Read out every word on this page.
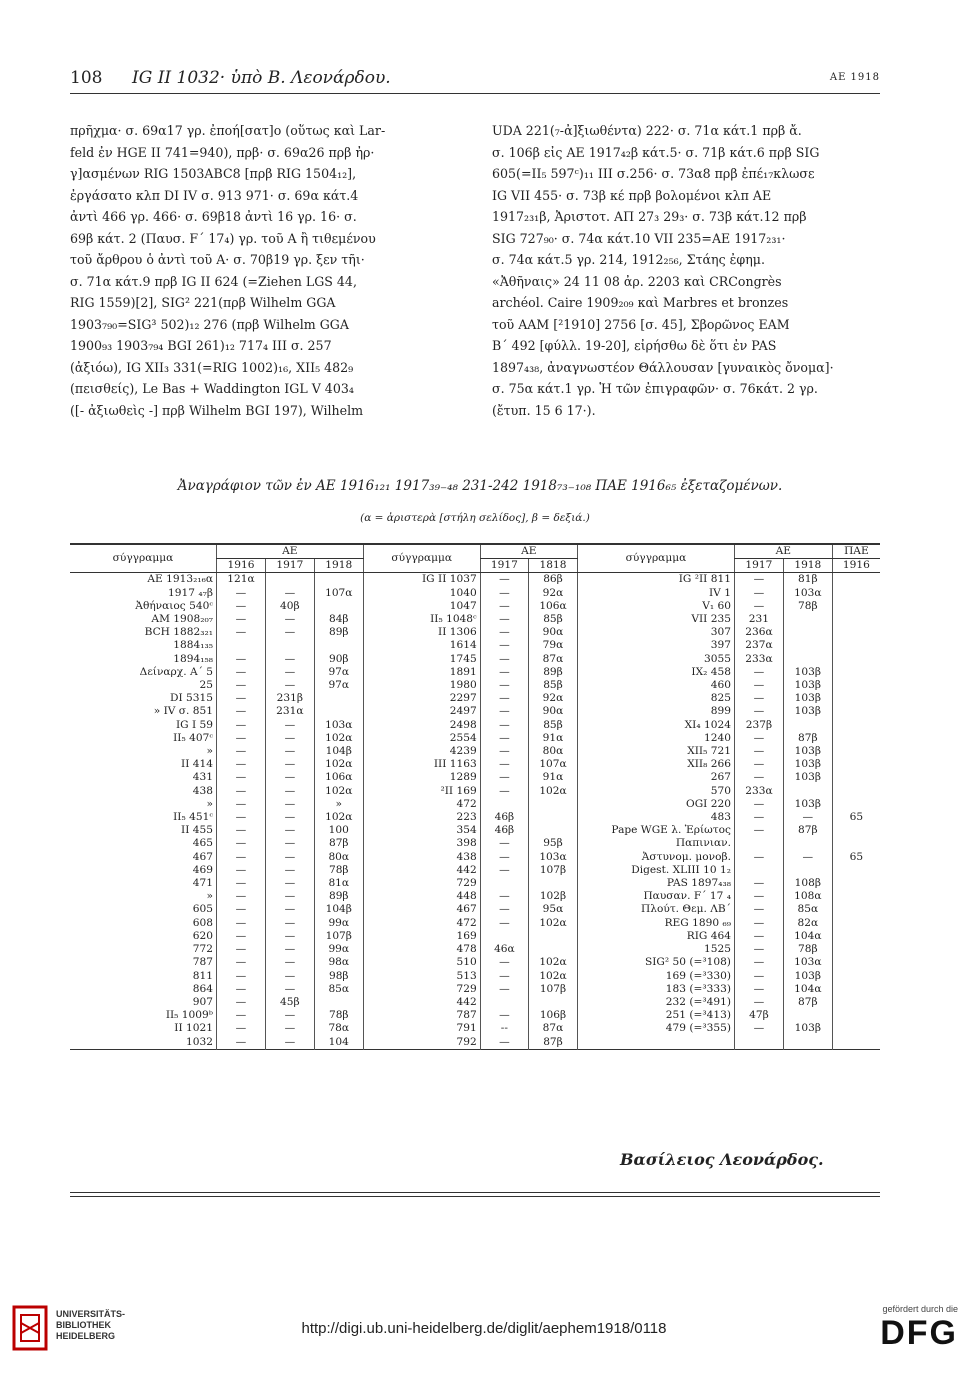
108 IG II 1032· ὑπὸ Β. Λεονάρδου.	ΑΕ 1918
πρῆχμα· σ. 69α17 γρ. ἐποή[σατ]ο (οὕτως καὶ Lar-
feld ἐν HGE II 741=940), πρβ· σ. 69α26 πρβ ἠρ·
γ]ασμένων RIG 1503ABC8 [πρβ RIG 1504₁₂],
ἐργάσατο κλπ DI IV σ. 913 971· σ. 69α κάτ.4
ἀντὶ 466 γρ. 466· σ. 69β18 ἀντὶ 16 γρ. 16· σ.
69β κάτ. 2 (Παυσ. F΄ 17₄) γρ. τοῦ Α ἢ τιθεμένου
τοῦ ἄρθρου ὁ ἀντὶ τοῦ Α· σ. 70β19 γρ. ξεν τῆι·
σ. 71α κάτ.9 πρβ IG II 624 (=Ziehen LGS 44,
RIG 1559)[2], SIG² 221(πρβ Wilhelm GGA
1903₇₉₀=SIG³ 502)₁₂ 276 (πρβ Wilhelm GGA
1900₉₃ 1903₇₉₄ BGI 261)₁₂ 717₄ III σ. 257
(ἀξιόω), IG XII₃ 331(=RIG 1002)₁₆, XII₅ 482₉
(πεισθείς), Le Bas + Waddington IGL V 403₄
([- ἀξιωθεὶς -] πρβ Wilhelm BGI 197), Wilhelm
UDA 221(₇-ἀ]ξιωθέντα) 222· σ. 71α κάτ.1 πρβ ἄ.
σ. 106β εἰς ΑΕ 1917₄₂β κάτ.5· σ. 71β κάτ.6 πρβ SIG
605(=II₅ 597ᶜ)₁₁ III σ.256· σ. 73α8 πρβ ἐπέ₁₇κλωσε
IG VII 455· σ. 73β κέ πρβ βολομένοι κλπ ΑΕ
1917₂₃₁β, Ἀριστοτ. ΑΠ 27₃ 29₃· σ. 73β κάτ.12 πρβ
SIG 727₉₀· σ. 74α κάτ.10 VII 235=ΑΕ 1917₂₃₁·
σ. 74α κάτ.5 γρ. 214, 1912₂₅₆, Στάης ἐφημ.
«Ἀθῆναις» 24 11 08 ἀρ. 2203 καὶ CRCongrès
archéol. Caire 1909₂₀₉ καὶ Marbres et bronzes
τοῦ ΑΑΜ [²1910] 2756 [σ. 45], Σβορῶνος ΕΑΜ
Β΄ 492 [φύλλ. 19-20], εἰρήσθω δὲ ὅτι ἐν PAS
1897₄₃₈, ἀναγνωστέον Θάλλουσαν [γυναικὸς ὄνομα]·
σ. 75α κάτ.1 γρ. Ἡ τῶν ἐπιγραφῶν· σ. 76κάτ. 2 γρ.
(ἔτυπ. 15 6 17·).
Ἀναγράφιον τῶν ἐν ΑΕ 1916₁₂₁ 1917₃₉₋₄₈ 231-242 1918₇₃₋₁₀₈ ΠΑΕ 1916₆₅ ἐξεταζομένων.
(α = ἀριστερὰ [στήλη σελίδος], β = δεξιά.)
σύγγραμμα	ΑΕ			σύγγραμμα	ΑΕ		σύγγραμμα	ΑΕ		ΠΑΕ
	1916	1917	1918		1917	1818		1917	1918	1916
ΑΕ 1913₂₁₆α	121α			IG II 1037	—	86β	IG ²II 811	—	81β	
1917 ₄₇β	—	—	107α	1040	—	92α	IV 1	—	103α	
Ἀθήναιος 540ᶜ	—	40β		1047	—	106α	V₁ 60	—	78β	
ΑΜ 1908₂₀₇	—	—	84β	II₅ 1048ᶜ	—	85β	VII 235	231		
BCH 1882₃₂₁	—	—	89β	II 1306	—	90α	307	236α		
1884₁₃₅				1614	—	79α	397	237α		
1894₁₅₈	—	—	90β	1745	—	87α	3055	233α		
Δείναρχ. Α΄ 5	—	—	97α	1891	—	89β	IX₂ 458	—	103β	
25	—	—	97α	1980	—	85β	460	—	103β	
DI 5315	—	231β		2297	—	92α	825	—	103β	
» IV σ. 851	—	231α		2497	—	90α	899	—	103β	
IG I 59	—	—	103α	2498	—	85β	XI₄ 1024	237β		
II₅ 407ᶜ	—	—	102α	2554	—	91α	1240	—	87β	
»	—	—	104β	4239	—	80α	XII₅ 721	—	103β	
II 414	—	—	102α	III 1163	—	107α	XII₈ 266	—	103β	
431	—	—	106α	1289	—	91α	267	—	103β	
438	—	—	102α	²II 169	—	102α	570	233α		
»	—	—	»	472			OGI 220	—	103β	
II₅ 451ᶜ	—	—	102α	223	46β		483	—	—	65
II 455	—	—	100	354	46β		Pape WGE λ. Ἐρίωτος	—	87β	
465	—	—	87β	398	—	95β	Παπινιαν.			
467	—	—	80α	438	—	103α	Ἀστυνομ. μονοβ.	—	—	65
469	—	—	78β	442	—	107β	Digest. XLIII 10 1₂			
471	—	—	81α	729			PAS 1897₄₃₈	—	108β	
»	—	—	89β	448	—	102β	Παυσαν. F΄ 17 ₄	—	108α	
605	—	—	104β	467	—	95α	Πλούτ. Θεμ. ΛΒ΄	—	85α	
608	—	—	99α	472	—	102α	REG 1890 ₆₉	—	82α	
620	—	—	107β	169			RIG 464	—	104α	
772	—	—	99α	478	46α		1525	—	78β	
787	—	—	98α	510	—	102α	SIG² 50 (=³108)	—	103α	
811	—	—	98β	513	—	102α	169 (=³330)	—	103β	
864	—	—	85α	729	—	107β	183 (=³333)	—	104α	
907	—	45β		442			232 (=³491)	—	87β	
II₅ 1009ᵇ	—	—	78β	787	—	106β	251 (=³413)	47β		
II 1021	—	—	78α	791	--	87α	479 (=³355)	—	103β	
1032	—	—	104	792	—	87β				
Βασίλειος Λεονάρδος.
UNIVERSITÄTS-
BIBLIOTHEK
HEIDELBERG	http://digi.ub.uni-heidelberg.de/diglit/aephem1918/0118
gefördert durch die
DFG
